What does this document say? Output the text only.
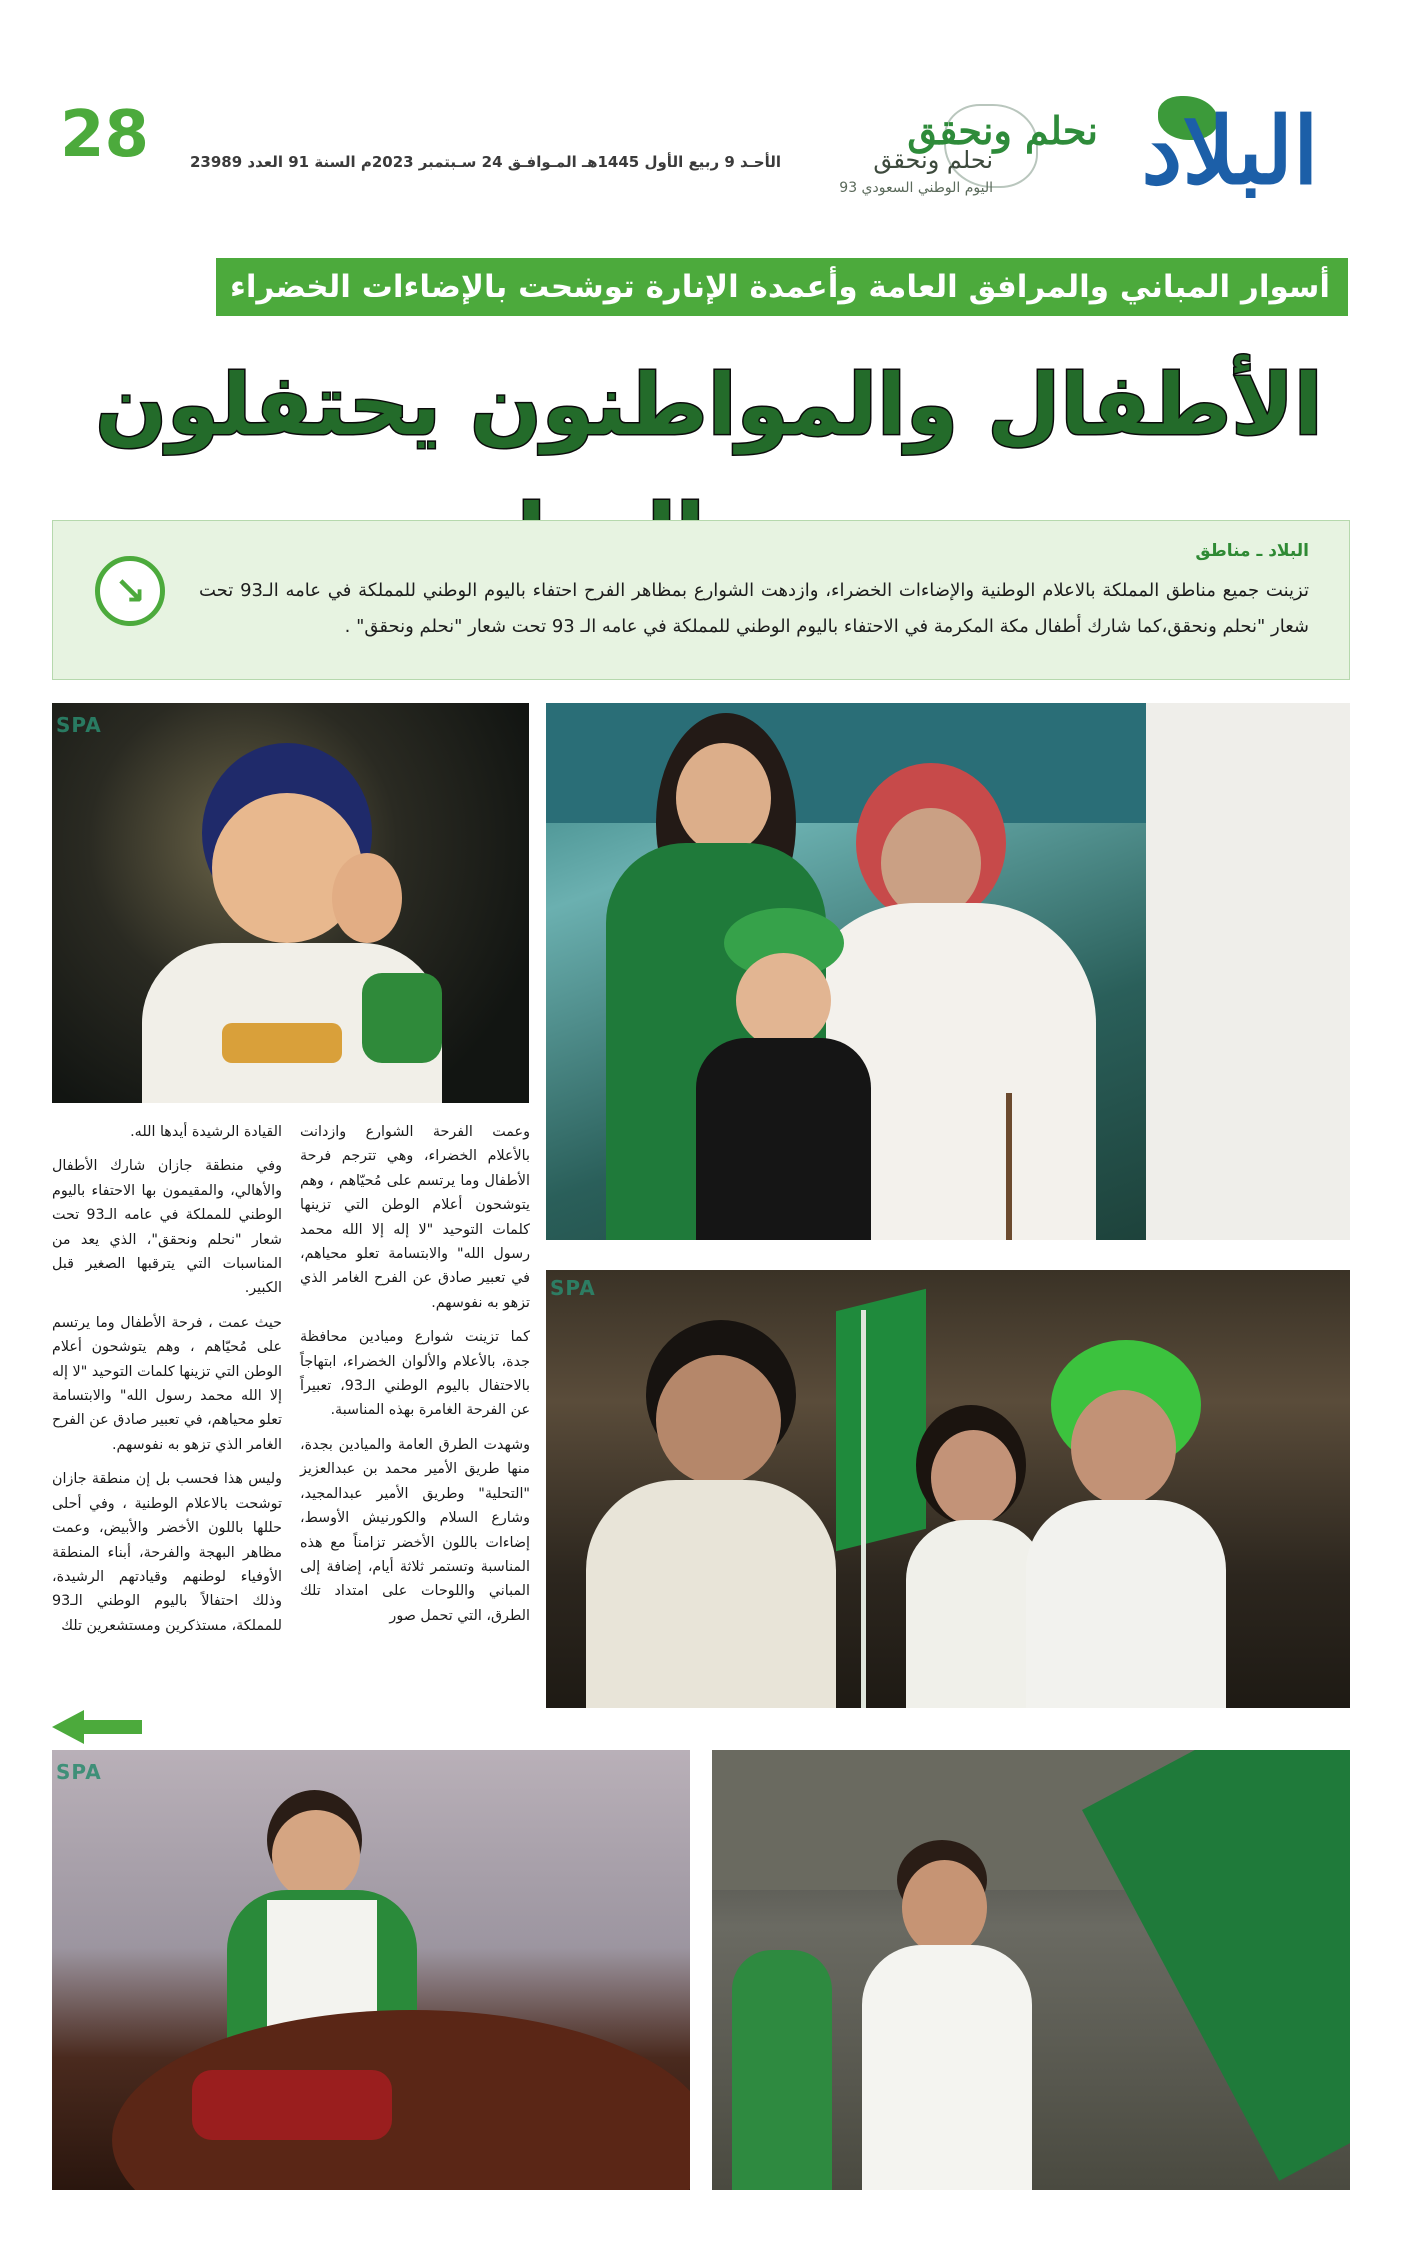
28	الأحـد 9 ربيع الأول 1445هـ المـوافـق 24 سـبتمبر 2023م السنة 91 العدد 23989	البلاد
نحلم ونحقق
نحلم ونحقق
اليوم الوطني السعودي 93
أسوار المباني والمرافق العامة وأعمدة الإنارة توشحت بالإضاءات الخضراء
الأطفال والمواطنون يحتفلون
البلاد ـ مناطق
تزينت جميع مناطق المملكة بالاعلام الوطنية والإضاءات الخضراء، وازدهت الشوارع بمظاهر الفرح احتفاء باليوم الوطني للمملكة في عامه الـ93 تحت شعار "نحلم ونحقق،كما شارك أطفال مكة المكرمة في الاحتفاء باليوم الوطني للمملكة في عامه الـ 93 تحت شعار "نحلم ونحقق" .
↘
SPA
SPA

وعمت الفرحة الشوارع وازدانت بالأعلام الخضراء، وهي تترجم فرحة الأطفال وما يرتسم على مُحيّاهم ، وهم يتوشحون أعلام الوطن التي تزينها كلمات التوحيد "لا إله إلا الله محمد رسول الله" والابتسامة تعلو محياهم، في تعبير صادق عن الفرح الغامر الذي تزهو به نفوسهم.

كما تزينت شوارع وميادين محافظة جدة، بالأعلام والألوان الخضراء، ابتهاجاً بالاحتفال باليوم الوطني الـ93، تعبيراً عن الفرحة الغامرة بهذه المناسبة.

وشهدت الطرق العامة والميادين بجدة، منها طريق الأمير محمد بن عبدالعزيز "التحلية" وطريق الأمير عبدالمجيد، وشارع السلام والكورنيش الأوسط، إضاءات باللون الأخضر تزامناً مع هذه المناسبة وتستمر ثلاثة أيام، إضافة إلى المباني واللوحات على امتداد تلك الطرق، التي تحمل صور

القيادة الرشيدة أيدها الله.

وفي منطقة جازان شارك الأطفال والأهالي، والمقيمون بها الاحتفاء باليوم الوطني للمملكة في عامه الـ93 تحت شعار "نحلم ونحقق"، الذي يعد من المناسبات التي يترقبها الصغير قبل الكبير.

حيث عمت ، فرحة الأطفال وما يرتسم على مُحيّاهم ، وهم يتوشحون أعلام الوطن التي تزينها كلمات التوحيد "لا إله إلا الله محمد رسول الله" والابتسامة تعلو محياهم، في تعبير صادق عن الفرح الغامر الذي تزهو به نفوسهم.

وليس هذا فحسب بل إن منطقة جازان توشحت بالاعلام الوطنية ، وفي أحلى حللها باللون الأخضر والأبيض، وعمت مظاهر البهجة والفرحة، أبناء المنطقة الأوفياء لوطنهم وقيادتهم الرشيدة، وذلك احتفالاً باليوم الوطني الـ93 للمملكة، مستذكرين ومستشعرين تلك

SPA
